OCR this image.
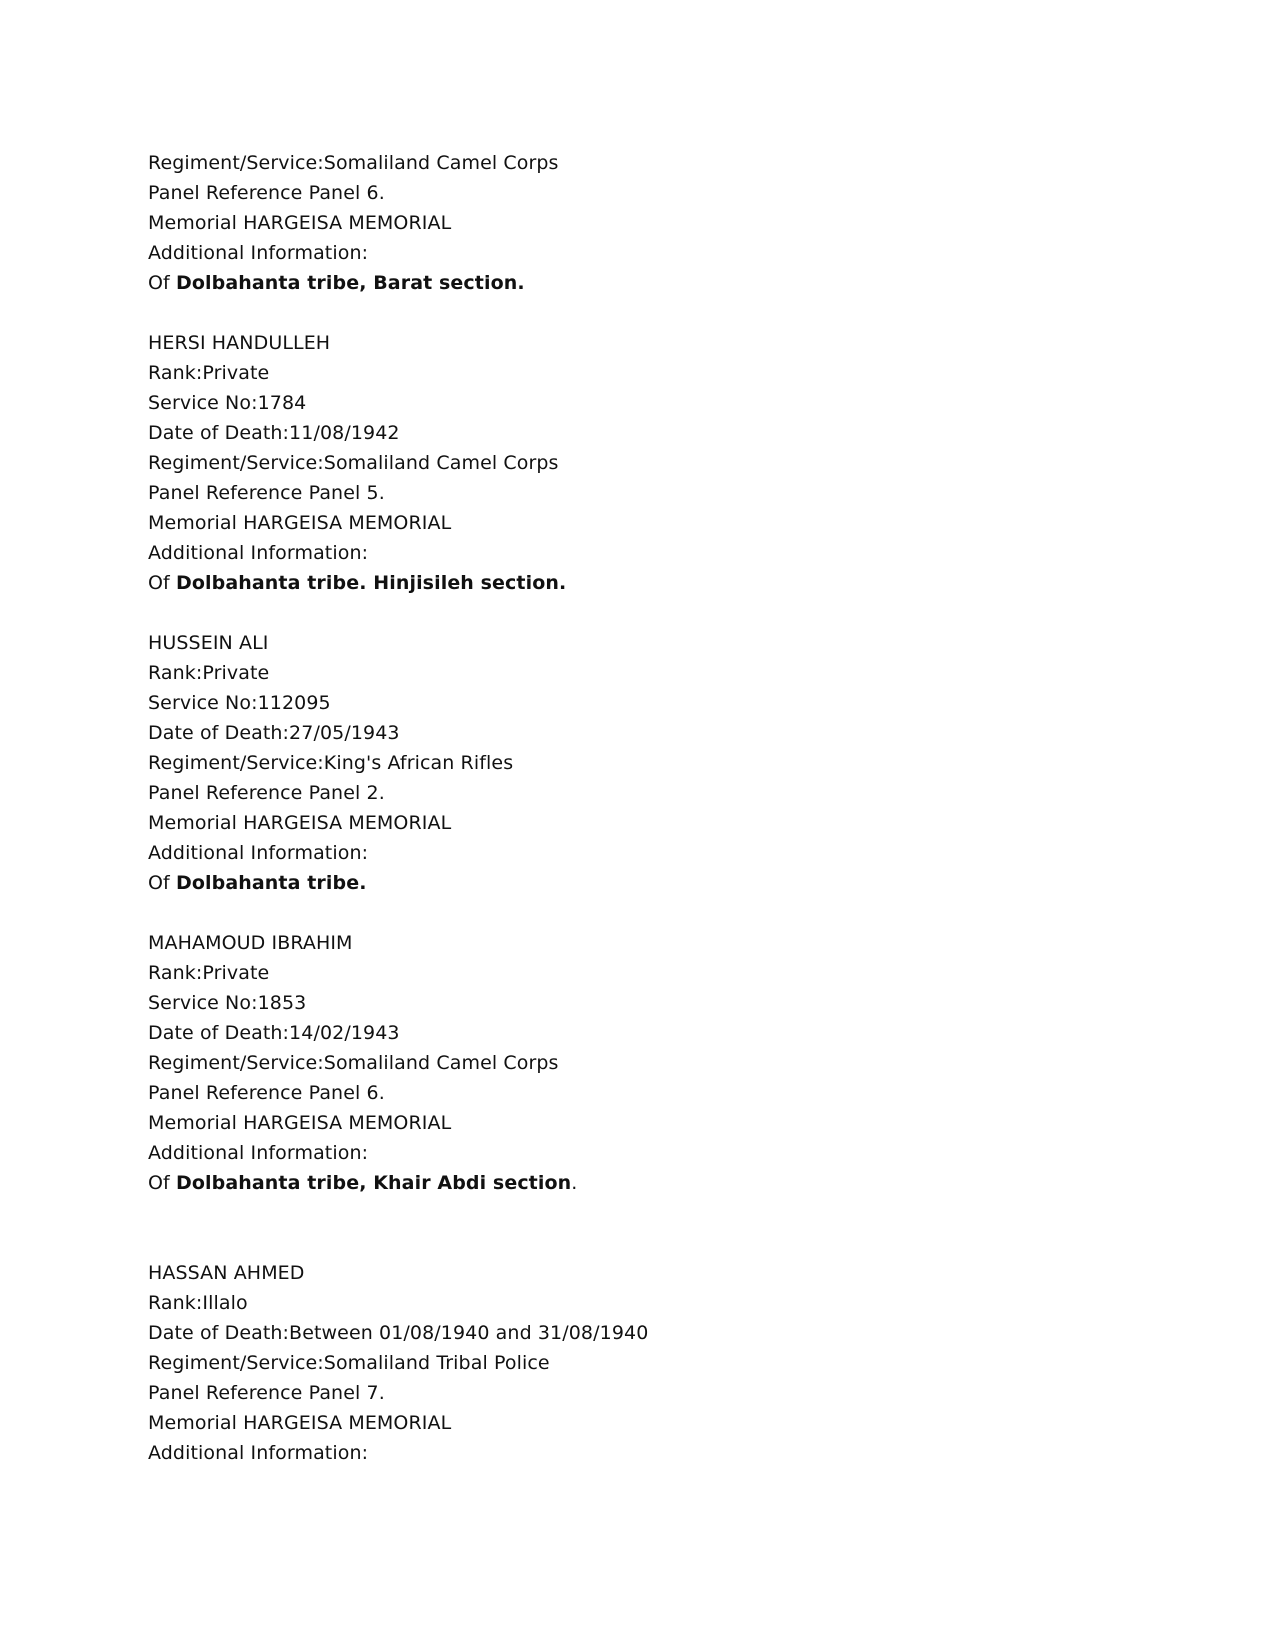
Regiment/Service:Somaliland Camel Corps
Panel Reference Panel 6.
Memorial HARGEISA MEMORIAL
Additional Information:
Of Dolbahanta tribe, Barat section.
HERSI HANDULLEH
Rank:Private
Service No:1784
Date of Death:11/08/1942
Regiment/Service:Somaliland Camel Corps
Panel Reference Panel 5.
Memorial HARGEISA MEMORIAL
Additional Information:
Of Dolbahanta tribe. Hinjisileh section.
HUSSEIN ALI
Rank:Private
Service No:112095
Date of Death:27/05/1943
Regiment/Service:King's African Rifles
Panel Reference Panel 2.
Memorial HARGEISA MEMORIAL
Additional Information:
Of Dolbahanta tribe.
MAHAMOUD IBRAHIM
Rank:Private
Service No:1853
Date of Death:14/02/1943
Regiment/Service:Somaliland Camel Corps
Panel Reference Panel 6.
Memorial HARGEISA MEMORIAL
Additional Information:
Of Dolbahanta tribe, Khair Abdi section.
HASSAN AHMED
Rank:Illalo
Date of Death:Between 01/08/1940 and 31/08/1940
Regiment/Service:Somaliland Tribal Police
Panel Reference Panel 7.
Memorial HARGEISA MEMORIAL
Additional Information:
